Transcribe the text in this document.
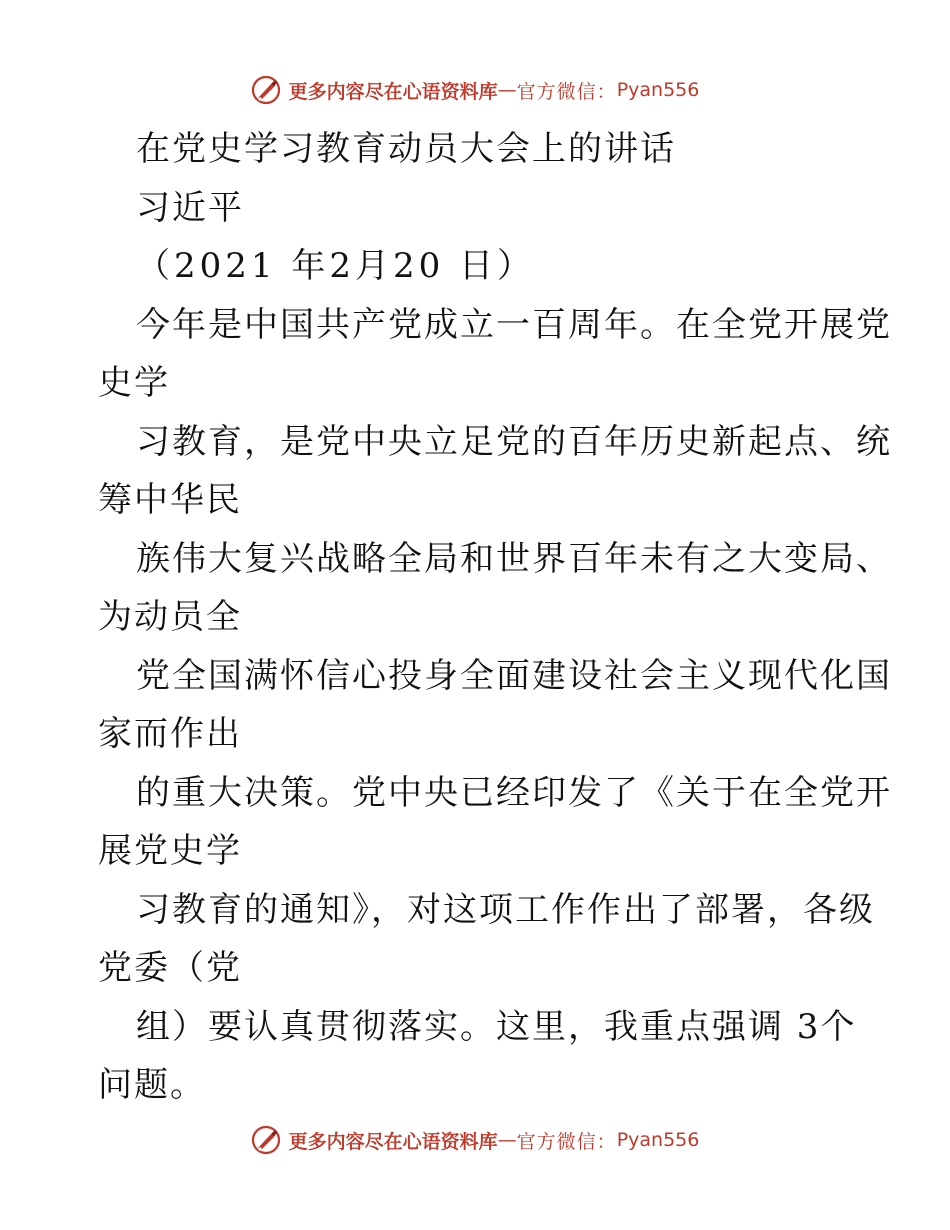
更多内容尽在心语资料库 — 官方微信： Pyan556
在党史学习教育动员大会上的讲话
习近平
（2021 年2月20 日）
今年是中国共产党成立一百周年。在全党开展党
史学
习教育，是党中央立足党的百年历史新起点、统
筹中华民
族伟大复兴战略全局和世界百年未有之大变局、
为动员全
党全国满怀信心投身全面建设社会主义现代化国
家而作出
的重大决策。党中央已经印发了《关于在全党开
展党史学
习教育的通知》，对这项工作作出了部署，各级
党委（党
组）要认真贯彻落实。这里，我重点强调 3个
问题。
更多内容尽在心语资料库 — 官方微信： Pyan556
